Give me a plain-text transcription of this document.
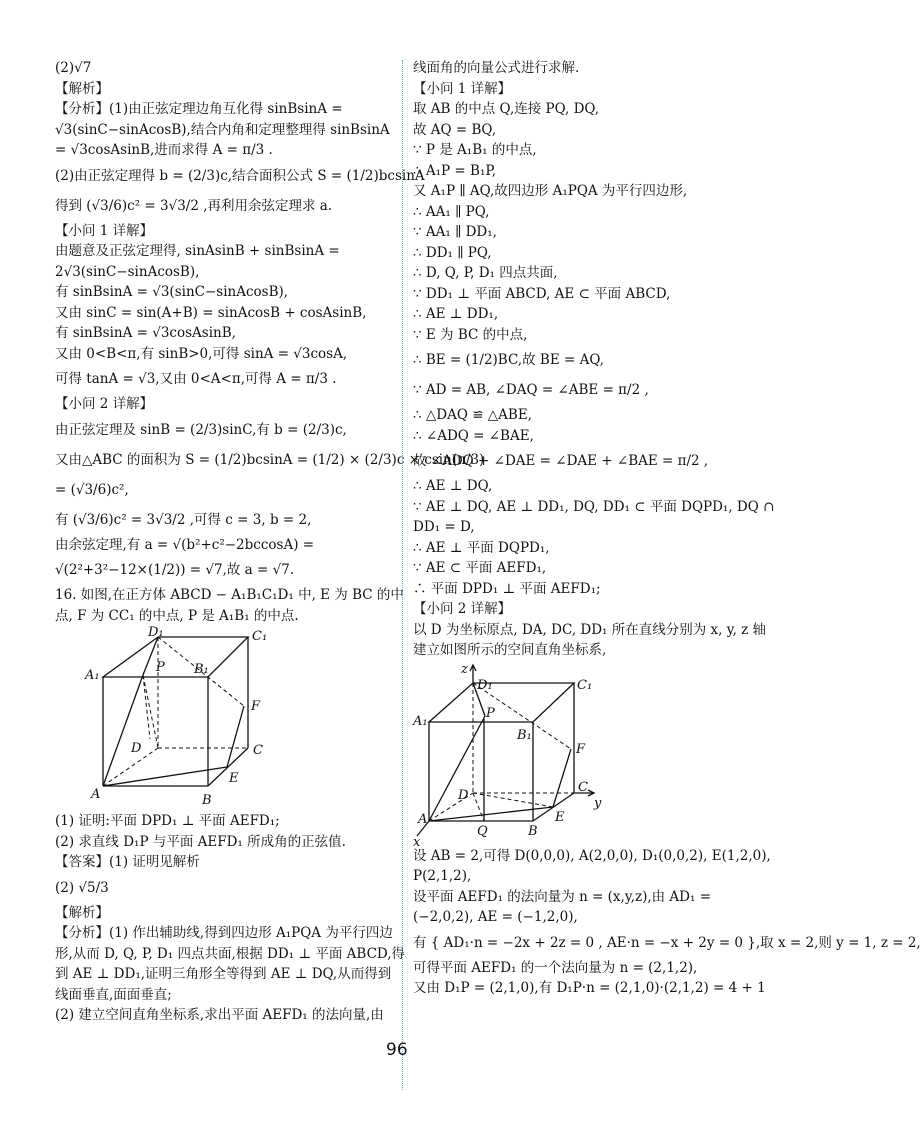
(2)√7
【解析】
【分析】(1)由正弦定理边角互化得 sinBsinA =
√3(sinC−sinAcosB),结合内角和定理整理得 sinBsinA
= √3cosAsinB,进而求得 A = π/3 .
(2)由正弦定理得 b = (2/3)c,结合面积公式 S = (1/2)bcsinA
得到 (√3/6)c² = 3√3/2 ,再利用余弦定理求 a.
【小问 1 详解】
由题意及正弦定理得, sinAsinB + sinBsinA =
2√3(sinC−sinAcosB),
有 sinBsinA = √3(sinC−sinAcosB),
又由 sinC = sin(A+B) = sinAcosB + cosAsinB,
有 sinBsinA = √3cosAsinB,
又由 0<B<π,有 sinB>0,可得 sinA = √3cosA,
可得 tanA = √3,又由 0<A<π,可得 A = π/3 .
【小问 2 详解】
由正弦定理及 sinB = (2/3)sinC,有 b = (2/3)c,
又由△ABC 的面积为 S = (1/2)bcsinA = (1/2) × (2/3)c × csin(π/3)
= (√3/6)c²,
有 (√3/6)c² = 3√3/2 ,可得 c = 3, b = 2,
由余弦定理,有 a = √(b²+c²−2bccosA) =
√(2²+3²−12×(1/2)) = √7,故 a = √7.
16. 如图,在正方体 ABCD − A₁B₁C₁D₁ 中, E 为 BC 的中
点, F 为 CC₁ 的中点, P 是 A₁B₁ 的中点.
D₁	C₁
A₁	B₁
P
F
D	C
A	B
E
(1) 证明:平面 DPD₁ ⊥ 平面 AEFD₁;
(2) 求直线 D₁P 与平面 AEFD₁ 所成角的正弦值.
【答案】(1) 证明见解析
(2) √5/3
【解析】
【分析】(1) 作出辅助线,得到四边形 A₁PQA 为平行四边
形,从而 D, Q, P, D₁ 四点共面,根据 DD₁ ⊥ 平面 ABCD,得
到 AE ⊥ DD₁,证明三角形全等得到 AE ⊥ DQ,从而得到
线面垂直,面面垂直;
(2) 建立空间直角坐标系,求出平面 AEFD₁ 的法向量,由
线面角的向量公式进行求解.
【小问 1 详解】
取 AB 的中点 Q,连接 PQ, DQ,
故 AQ = BQ,
∵ P 是 A₁B₁ 的中点,
∴ A₁P = B₁P,
又 A₁P ∥ AQ,故四边形 A₁PQA 为平行四边形,
∴ AA₁ ∥ PQ,
∵ AA₁ ∥ DD₁,
∴ DD₁ ∥ PQ,
∴ D, Q, P, D₁ 四点共面,
∵ DD₁ ⊥ 平面 ABCD, AE ⊂ 平面 ABCD,
∴ AE ⊥ DD₁,
∵ E 为 BC 的中点,
∴ BE = (1/2)BC,故 BE = AQ,
∵ AD = AB, ∠DAQ = ∠ABE = π/2 ,
∴ △DAQ ≌ △ABE,
∴ ∠ADQ = ∠BAE,
故 ∠ADQ + ∠DAE = ∠DAE + ∠BAE = π/2 ,
∴ AE ⊥ DQ,
∵ AE ⊥ DQ, AE ⊥ DD₁, DQ, DD₁ ⊂ 平面 DQPD₁, DQ ∩
DD₁ = D,
∴ AE ⊥ 平面 DQPD₁,
∵ AE ⊂ 平面 AEFD₁,
∴ 平面 DPD₁ ⊥ 平面 AEFD₁;
【小问 2 详解】
以 D 为坐标原点, DA, DC, DD₁ 所在直线分别为 x, y, z 轴
建立如图所示的空间直角坐标系,
z
y
x
D₁	C₁
A₁
B₁
P
F
D
C
A
B
E
Q
设 AB = 2,可得 D(0,0,0), A(2,0,0), D₁(0,0,2), E(1,2,0),
P(2,1,2),
设平面 AEFD₁ 的法向量为 n = (x,y,z),由 AD₁ =
(−2,0,2), AE = (−1,2,0),
有 { AD₁·n = −2x + 2z = 0 , AE·n = −x + 2y = 0 },取 x = 2,则 y = 1, z = 2,
可得平面 AEFD₁ 的一个法向量为 n = (2,1,2),
又由 D₁P = (2,1,0),有 D₁P·n = (2,1,0)·(2,1,2) = 4 + 1
96
